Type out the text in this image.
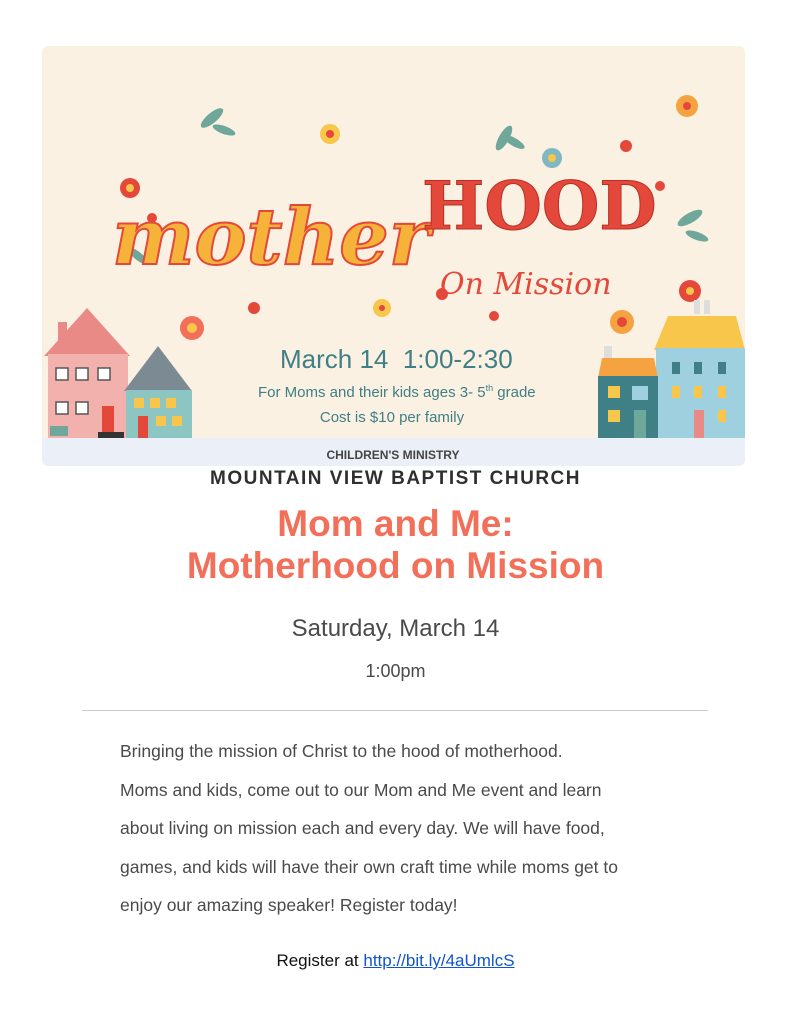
mother
HOOD
On Mission
March 14  1:00-2:30
For Moms and their kids ages 3- 5th grade
Cost is $10 per family
CHILDREN'S MINISTRY
MOUNTAIN VIEW BAPTIST CHURCH
Mom and Me:
Motherhood on Mission
Saturday, March 14
1:00pm

Bringing the mission of Christ to the hood of motherhood.

Moms and kids, come out to our Mom and Me event and learn

about living on mission each and every day. We will have food,

games, and kids will have their own craft time while moms get to

enjoy our amazing speaker! Register today!

Register at http://bit.ly/4aUmlcS
